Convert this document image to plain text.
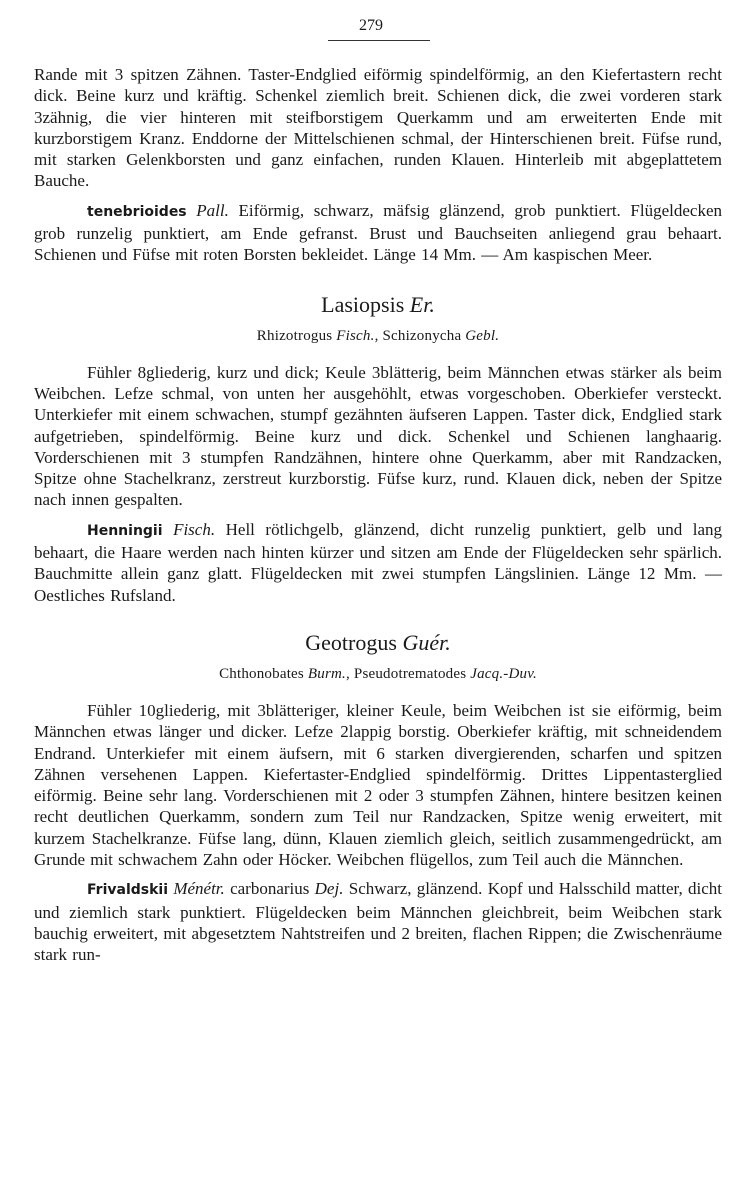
279

Rande mit 3 spitzen Zähnen. Taster-Endglied eiförmig spindelförmig, an den Kiefertastern recht dick. Beine kurz und kräftig. Schenkel ziemlich breit. Schienen dick, die zwei vorderen stark 3zähnig, die vier hinteren mit steifborstigem Querkamm und am erweiterten Ende mit kurzborstigem Kranz. Enddorne der Mittelschienen schmal, der Hinterschienen breit. Füfse rund, mit starken Gelenkborsten und ganz einfachen, runden Klauen. Hinterleib mit abgeplattetem Bauche.

tenebrioides Pall. Eiförmig, schwarz, mäfsig glänzend, grob punktiert. Flügeldecken grob runzelig punktiert, am Ende gefranst. Brust und Bauchseiten anliegend grau behaart. Schienen und Füfse mit roten Borsten bekleidet. Länge 14 Mm. — Am kaspischen Meer.

Lasiopsis Er.
Rhizotrogus Fisch., Schizonycha Gebl.

Fühler 8gliederig, kurz und dick; Keule 3blätterig, beim Männchen etwas stärker als beim Weibchen. Lefze schmal, von unten her ausgehöhlt, etwas vorgeschoben. Oberkiefer versteckt. Unterkiefer mit einem schwachen, stumpf gezähnten äufseren Lappen. Taster dick, Endglied stark aufgetrieben, spindelförmig. Beine kurz und dick. Schenkel und Schienen langhaarig. Vorderschienen mit 3 stumpfen Randzähnen, hintere ohne Querkamm, aber mit Randzacken, Spitze ohne Stachelkranz, zerstreut kurzborstig. Füfse kurz, rund. Klauen dick, neben der Spitze nach innen gespalten.

Henningii Fisch. Hell rötlichgelb, glänzend, dicht runzelig punktiert, gelb und lang behaart, die Haare werden nach hinten kürzer und sitzen am Ende der Flügeldecken sehr spärlich. Bauchmitte allein ganz glatt. Flügeldecken mit zwei stumpfen Längslinien. Länge 12 Mm. — Oestliches Rufsland.

Geotrogus Guér.
Chthonobates Burm., Pseudotrematodes Jacq.-Duv.

Fühler 10gliederig, mit 3blätteriger, kleiner Keule, beim Weibchen ist sie eiförmig, beim Männchen etwas länger und dicker. Lefze 2lappig borstig. Oberkiefer kräftig, mit schneidendem Endrand. Unterkiefer mit einem äufsern, mit 6 starken divergierenden, scharfen und spitzen Zähnen versehenen Lappen. Kiefertaster-Endglied spindelförmig. Drittes Lippentasterglied eiförmig. Beine sehr lang. Vorderschienen mit 2 oder 3 stumpfen Zähnen, hintere besitzen keinen recht deutlichen Querkamm, sondern zum Teil nur Randzacken, Spitze wenig erweitert, mit kurzem Stachelkranze. Füfse lang, dünn, Klauen ziemlich gleich, seitlich zusammengedrückt, am Grunde mit schwachem Zahn oder Höcker. Weibchen flügellos, zum Teil auch die Männchen.

Frivaldskii Ménétr. carbonarius Dej. Schwarz, glänzend. Kopf und Halsschild matter, dicht und ziemlich stark punktiert. Flügeldecken beim Männchen gleichbreit, beim Weibchen stark bauchig erweitert, mit abgesetztem Nahtstreifen und 2 breiten, flachen Rippen; die Zwischenräume stark run-
